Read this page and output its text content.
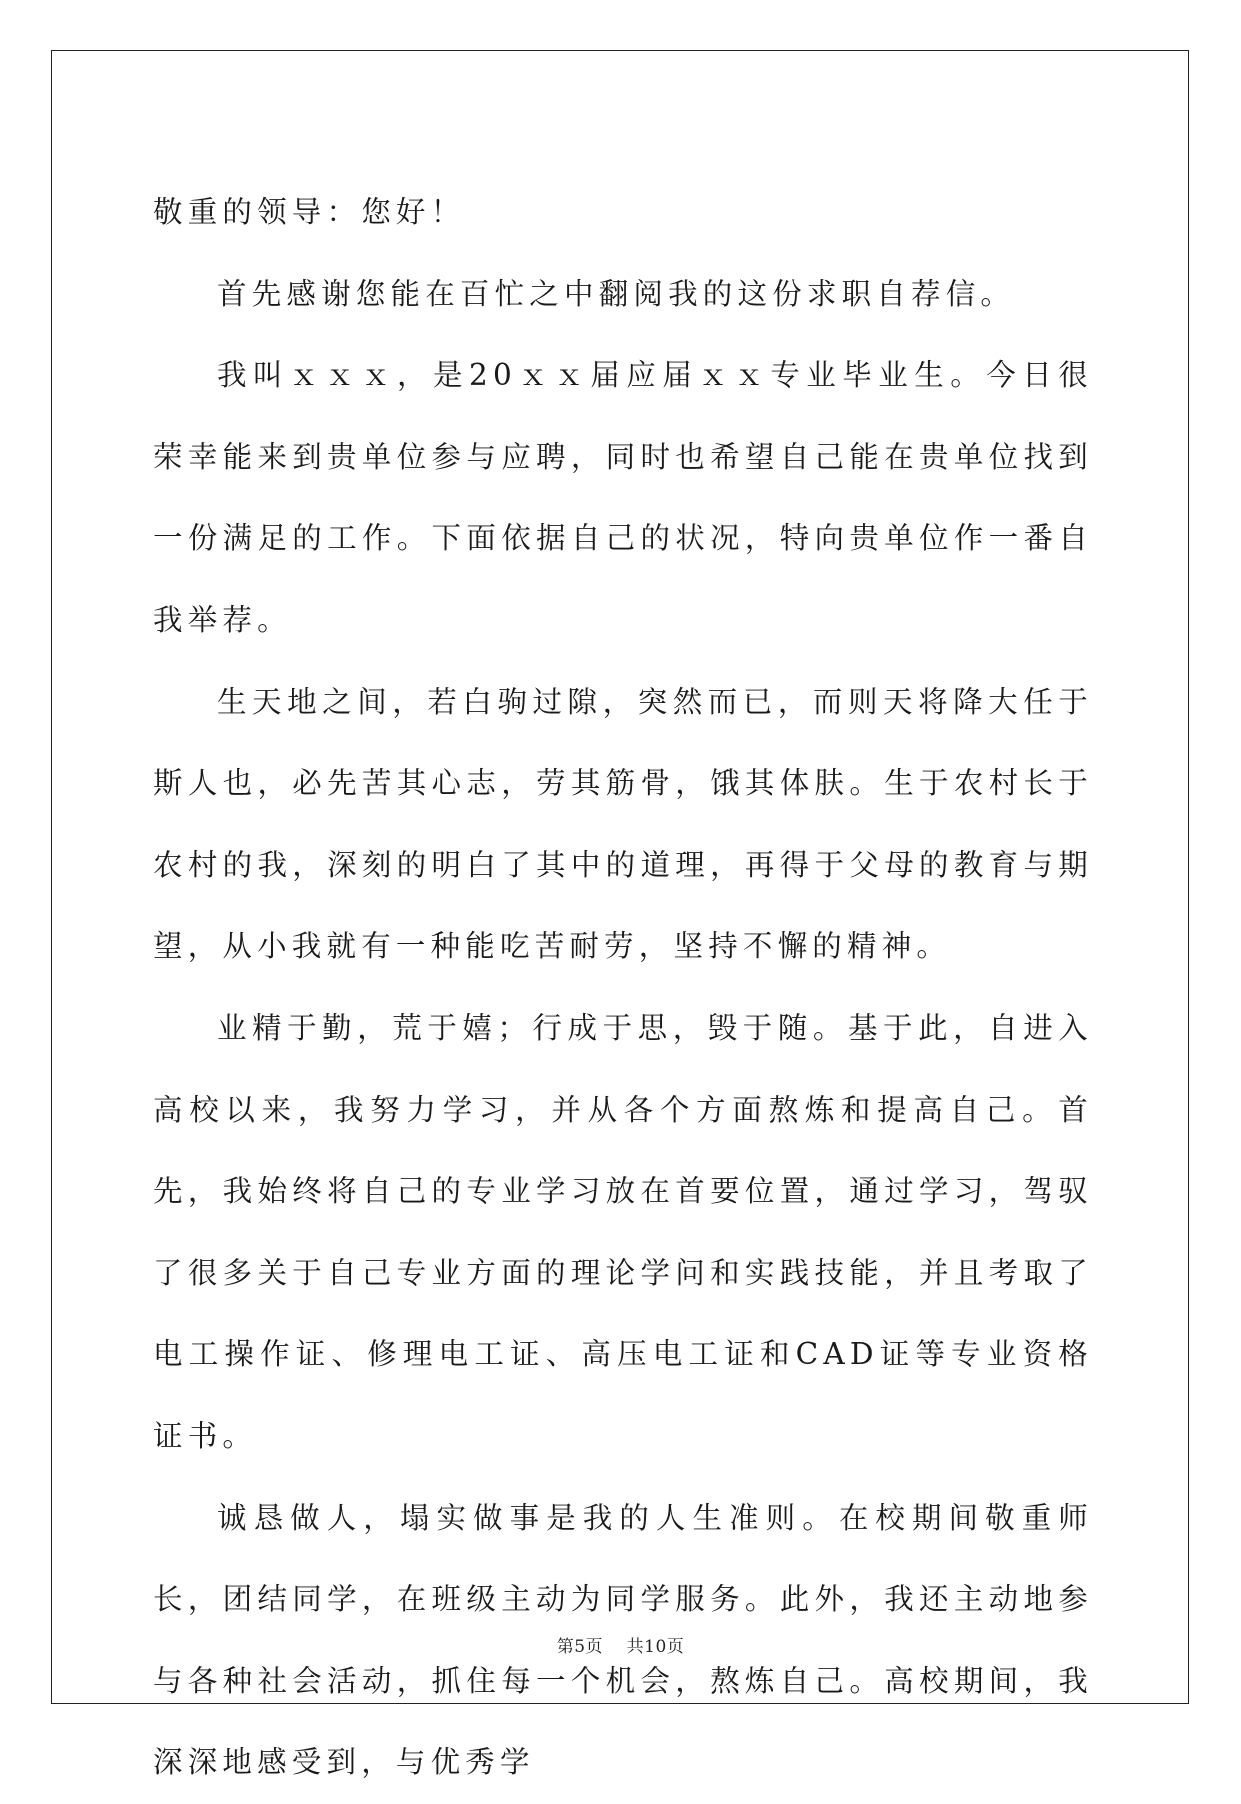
敬重的领导：您好！

首先感谢您能在百忙之中翻阅我的这份求职自荐信。

我叫ｘｘｘ，是20ｘｘ届应届ｘｘ专业毕业生。今日很荣幸能来到贵单位参与应聘，同时也希望自己能在贵单位找到一份满足的工作。下面依据自己的状况，特向贵单位作一番自我举荐。

生天地之间，若白驹过隙，突然而已，而则天将降大任于斯人也，必先苦其心志，劳其筋骨，饿其体肤。生于农村长于农村的我，深刻的明白了其中的道理，再得于父母的教育与期望，从小我就有一种能吃苦耐劳，坚持不懈的精神。

业精于勤，荒于嬉；行成于思，毁于随。基于此，自进入高校以来，我努力学习，并从各个方面熬炼和提高自己。首先，我始终将自己的专业学习放在首要位置，通过学习，驾驭了很多关于自己专业方面的理论学问和实践技能，并且考取了电工操作证、修理电工证、高压电工证和CAD证等专业资格证书。

诚恳做人，塌实做事是我的人生准则。在校期间敬重师长，团结同学，在班级主动为同学服务。此外，我还主动地参与各种社会活动，抓住每一个机会，熬炼自己。高校期间，我深深地感受到，与优秀学

第5页 共10页
